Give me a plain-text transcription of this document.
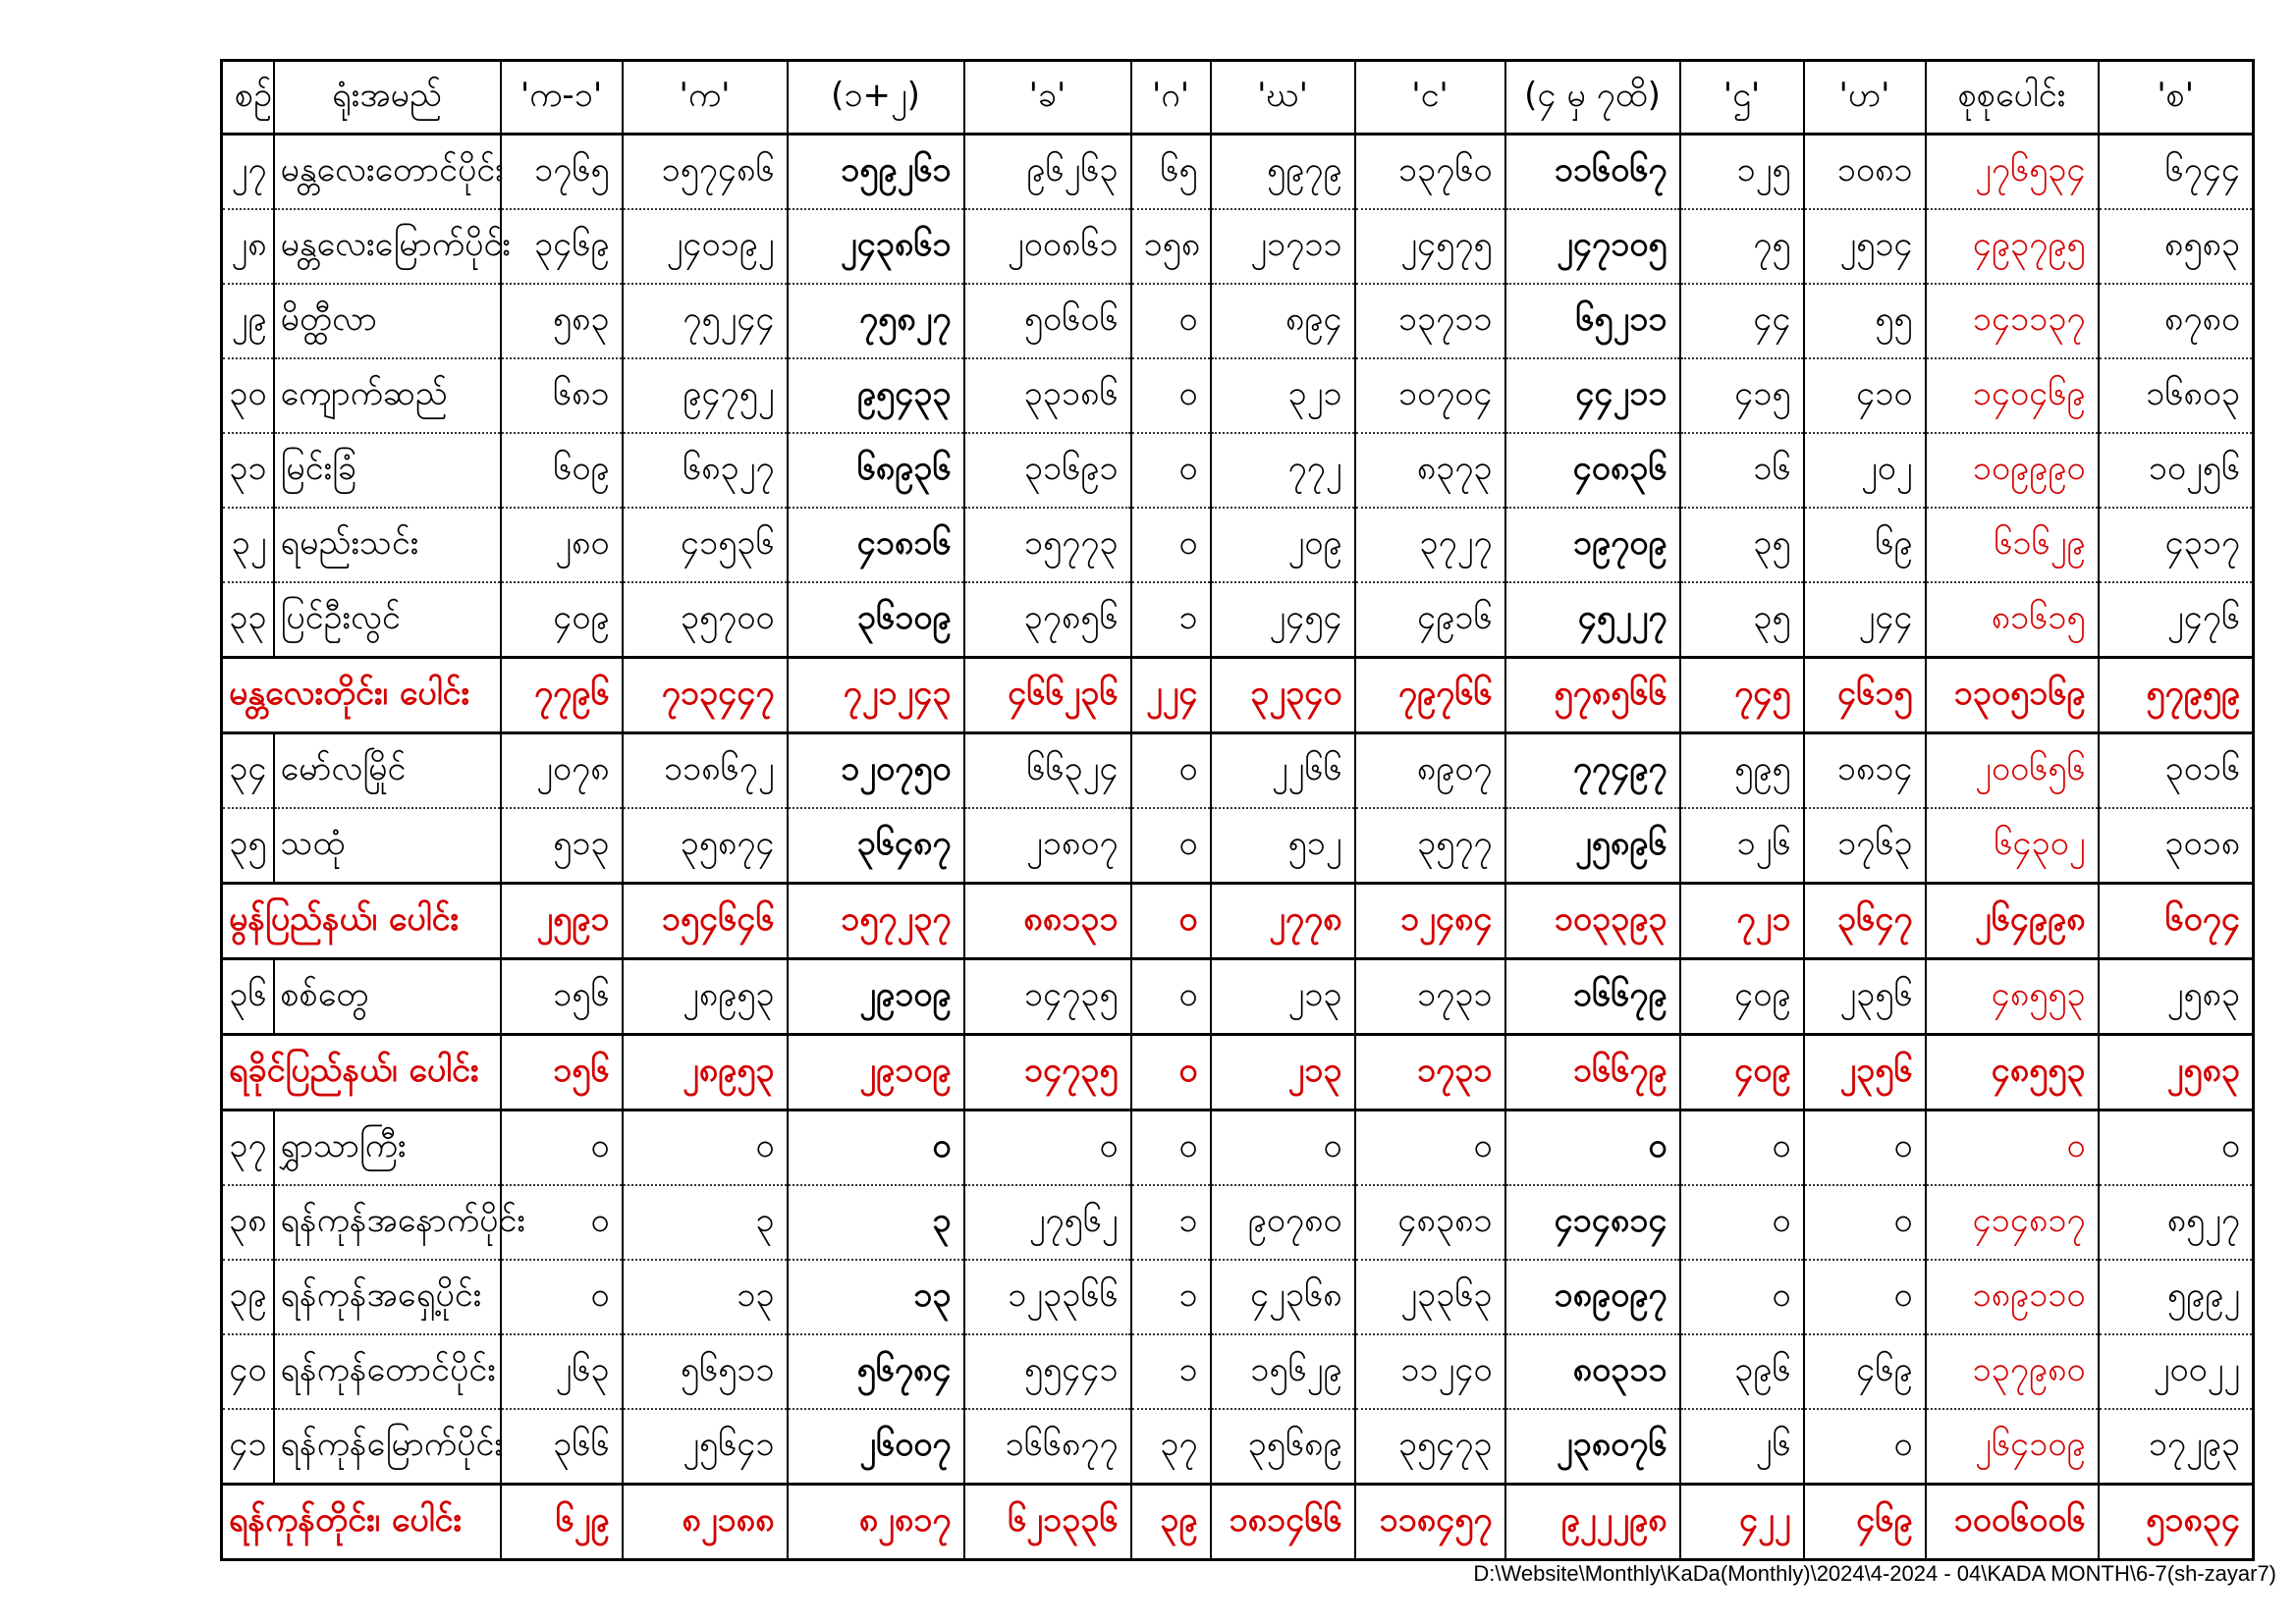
စဉ်	ရုံးအမည်	'က-၁'	'က'	(၁+၂)	'ခ'	'ဂ'	'ဃ'	'င'	(၄ မှ ၇ထိ)	'ဌ'	'ဟ'	စုစုပေါင်း	'စ'
၂၇	မန္တလေးတောင်ပိုင်း	၁၇၆၅	၁၅၇၄၈၆	၁၅၉၂၆၁	၉၆၂၆၃	၆၅	၅၉၇၉	၁၃၇၆၀	၁၁၆၀၆၇	၁၂၅	၁၀၈၁	၂၇၆၅၃၄	၆၇၄၄
၂၈	မန္တလေးမြောက်ပိုင်း	၃၄၆၉	၂၄၀၁၉၂	၂၄၃၈၆၁	၂၀၀၈၆၁	၁၅၈	၂၁၇၁၁	၂၄၅၇၅	၂၄၇၁၀၅	၇၅	၂၅၁၄	၄၉၃၇၉၅	၈၅၈၃
၂၉	မိတ္ထီလာ	၅၈၃	၇၅၂၄၄	၇၅၈၂၇	၅၀၆၀၆	၀	၈၉၄	၁၃၇၁၁	၆၅၂၁၁	၄၄	၅၅	၁၄၁၁၃၇	၈၇၈၀
၃၀	ကျောက်ဆည်	၆၈၁	၉၄၇၅၂	၉၅၄၃၃	၃၃၁၈၆	၀	၃၂၁	၁၀၇၀၄	၄၄၂၁၁	၄၁၅	၄၁၀	၁၄၀၄၆၉	၁၆၈၀၃
၃၁	မြင်းခြံ	၆၀၉	၆၈၃၂၇	၆၈၉၃၆	၃၁၆၉၁	၀	၇၇၂	၈၃၇၃	၄၀၈၃၆	၁၆	၂၀၂	၁၀၉၉၉၀	၁၀၂၅၆
၃၂	ရမည်းသင်း	၂၈၀	၄၁၅၃၆	၄၁၈၁၆	၁၅၇၇၃	၀	၂၀၉	၃၇၂၇	၁၉၇၀၉	၃၅	၆၉	၆၁၆၂၉	၄၃၁၇
၃၃	ပြင်ဦးလွင်	၄၀၉	၃၅၇၀၀	၃၆၁၀၉	၃၇၈၅၆	၁	၂၄၅၄	၄၉၁၆	၄၅၂၂၇	၃၅	၂၄၄	၈၁၆၁၅	၂၄၇၆
မန္တလေးတိုင်း၊ ပေါင်း		၇၇၉၆	၇၁၃၄၄၇	၇၂၁၂၄၃	၄၆၆၂၃၆	၂၂၄	၃၂၃၄၀	၇၉၇၆၆	၅၇၈၅၆၆	၇၄၅	၄၆၁၅	၁၃၀၅၁၆၉	၅၇၉၅၉
၃၄	မော်လမြိုင်	၂၀၇၈	၁၁၈၆၇၂	၁၂၀၇၅၀	၆၆၃၂၄	၀	၂၂၆၆	၈၉၀၇	၇၇၄၉၇	၅၉၅	၁၈၁၄	၂၀၀၆၅၆	၃၀၁၆
၃၅	သထုံ	၅၁၃	၃၅၈၇၄	၃၆၄၈၇	၂၁၈၀၇	၀	၅၁၂	၃၅၇၇	၂၅၈၉၆	၁၂၆	၁၇၆၃	၆၄၃၀၂	၃၀၁၈
မွန်ပြည်နယ်၊ ပေါင်း		၂၅၉၁	၁၅၄၆၄၆	၁၅၇၂၃၇	၈၈၁၃၁	၀	၂၇၇၈	၁၂၄၈၄	၁၀၃၃၉၃	၇၂၁	၃၆၄၇	၂၆၄၉၉၈	၆၀၇၄
၃၆	စစ်တွေ	၁၅၆	၂၈၉၅၃	၂၉၁၀၉	၁၄၇၃၅	၀	၂၁၃	၁၇၃၁	၁၆၆၇၉	၄၀၉	၂၃၅၆	၄၈၅၅၃	၂၅၈၃
ရခိုင်ပြည်နယ်၊ ပေါင်း		၁၅၆	၂၈၉၅၃	၂၉၁၀၉	၁၄၇၃၅	၀	၂၁၃	၁၇၃၁	၁၆၆၇၉	၄၀၉	၂၃၅၆	၄၈၅၅၃	၂၅၈၃
၃၇	ရွှာသာကြီး	၀	၀	၀	၀	၀	၀	၀	၀	၀	၀	၀	၀
၃၈	ရန်ကုန်အနောက်ပိုင်း	၀	၃	၃	၂၇၅၆၂	၁	၉၀၇၈၀	၄၈၃၈၁	၄၁၄၈၁၄	၀	၀	၄၁၄၈၁၇	၈၅၂၇
၃၉	ရန်ကုန်အရှေ့ပိုင်း	၀	၁၃	၁၃	၁၂၃၃၆၆	၁	၄၂၃၆၈	၂၃၃၆၃	၁၈၉၀၉၇	၀	၀	၁၈၉၁၁၀	၅၉၉၂
၄၀	ရန်ကုန်တောင်ပိုင်း	၂၆၃	၅၆၅၁၁	၅၆၇၈၄	၅၅၄၄၁	၁	၁၅၆၂၉	၁၁၂၄၀	၈၀၃၁၁	၃၉၆	၄၆၉	၁၃၇၉၈၀	၂၀၀၂၂
၄၁	ရန်ကုန်မြောက်ပိုင်း	၃၆၆	၂၅၆၄၁	၂၆၀၀၇	၁၆၆၈၇၇	၃၇	၃၅၆၈၉	၃၅၄၇၃	၂၃၈၀၇၆	၂၆	၀	၂၆၄၁၀၉	၁၇၂၉၃
ရန်ကုန်တိုင်း၊ ပေါင်း		၆၂၉	၈၂၁၈၈	၈၂၈၁၇	၆၂၁၃၃၆	၃၉	၁၈၁၄၆၆	၁၁၈၄၅၇	၉၂၂၂၉၈	၄၂၂	၄၆၉	၁၀၀၆၀၀၆	၅၁၈၃၄
D:\Website\Monthly\KaDa(Monthly)\2024\4-2024 - 04\KADA MONTH\6-7(sh-zayar7)
